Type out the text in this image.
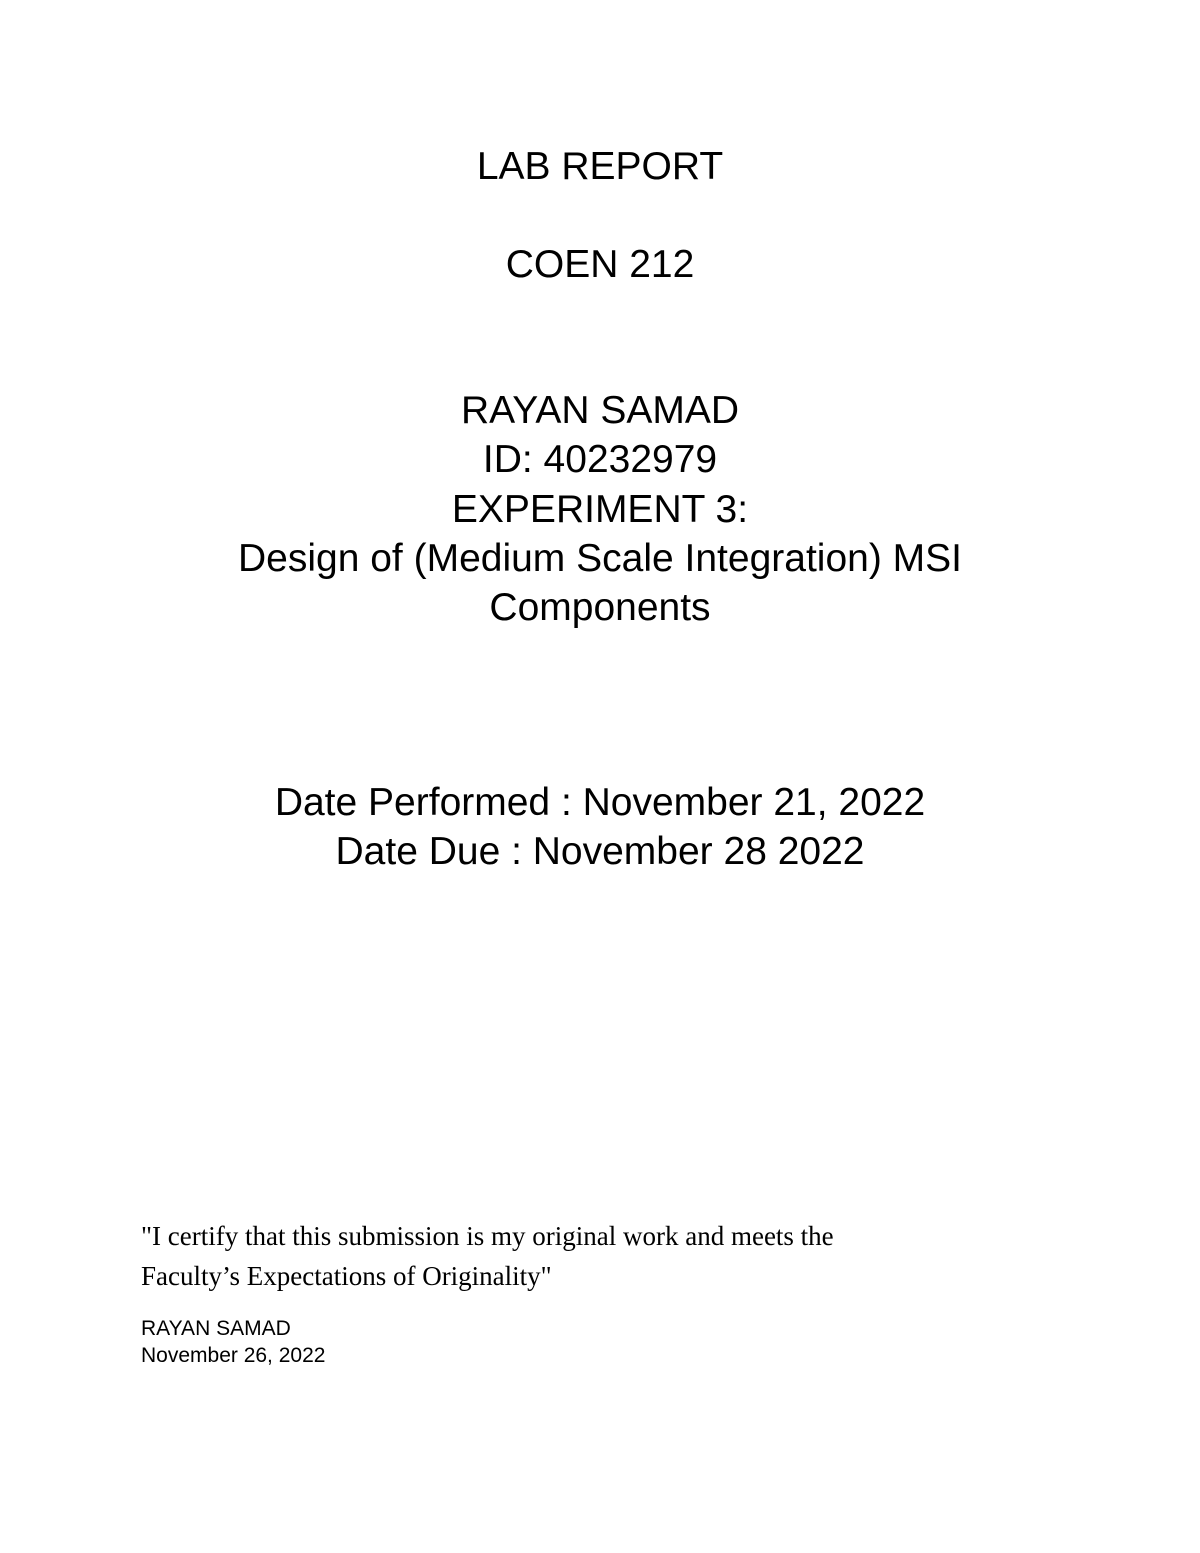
LAB REPORT
COEN 212
RAYAN SAMAD
ID: 40232979
EXPERIMENT 3:
Design of (Medium Scale Integration) MSI
Components
Date Performed : November 21, 2022
Date Due : November 28 2022
"I certify that this submission is my original work and meets the
Faculty’s Expectations of Originality"
RAYAN SAMAD
November 26, 2022
